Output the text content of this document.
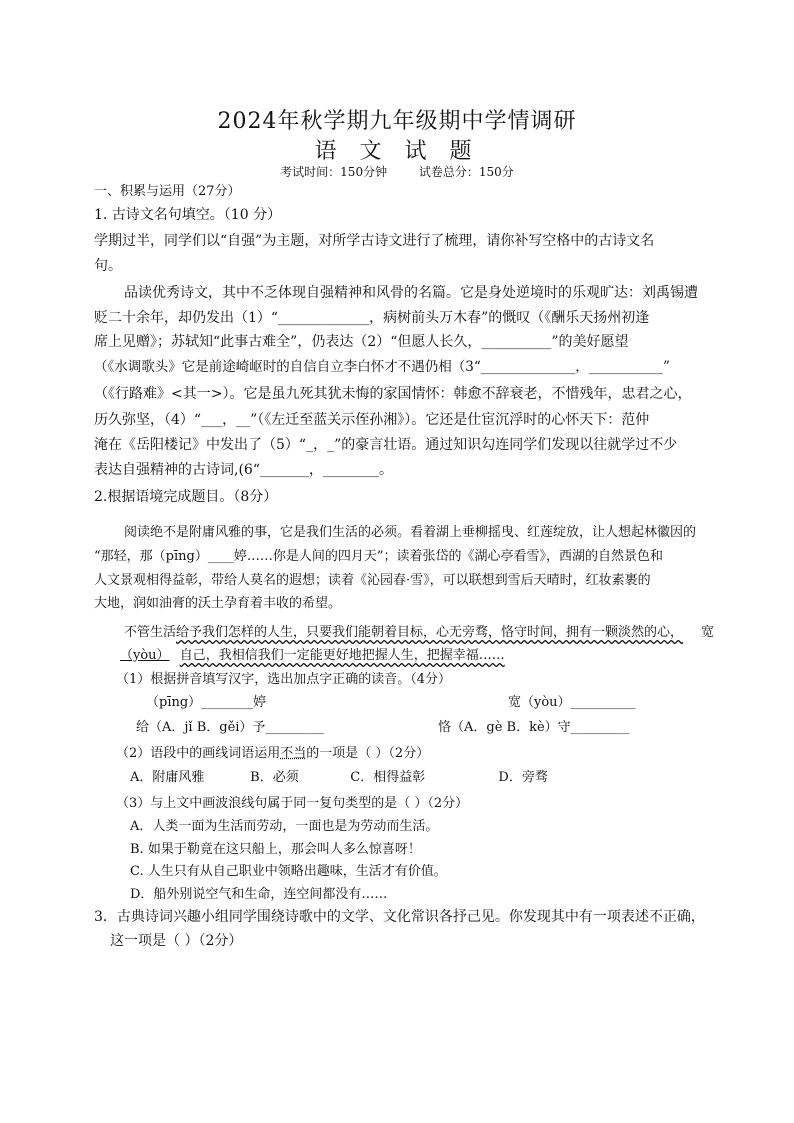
2024年秋学期九年级期中学情调研
语 文 试 题
考试时间：150分钟	试卷总分：150分
一、积累与运用（27分）
1. 古诗文名句填空。（10 分）
学期过半，同学们以“自强”为主题，对所学古诗文进行了梳理，请你补写空格中的古诗文名
句。
品读优秀诗文，其中不乏体现自强精神和风骨的名篇。它是身处逆境时的乐观旷达：刘禹锡遭
贬二十余年，却仍发出（1）“_____________，病树前头万木春”的慨叹（《酬乐天扬州初逢
席上见赠》；苏轼知“此事古难全”，仍表达（2）“但愿人长久，__________”的美好愿望
（《水调歌头》它是前途崎岖时的自信自立李白怀才不遇仍相（3“______________，___________”
（《行路难》<其一>）。它是虽九死其犹未悔的家国情怀：韩愈不辞衰老，不惜残年，忠君之心，
历久弥坚，（4）“___，__”（《左迁至蓝关示侄孙湘》）。它还是仕宦沉浮时的心怀天下：范仲
淹在《岳阳楼记》中发出了（5）“_，_”的豪言壮语。通过知识勾连同学们发现以往就学过不少
表达自强精神的古诗词,(6“_______，________。
2.根据语境完成题目。（8分）
阅读绝不是附庸风雅的事，它是我们生活的必须。看着湖上垂柳摇曳、红莲绽放，让人想起林徽因的
“那轻，那（pīng）____婷……你是人间的四月天”；读着张岱的《湖心亭看雪》，西湖的自然景色和
人文景观相得益彰，带给人莫名的遐想；读着《沁园春·雪》，可以联想到雪后天晴时，红妆素裹的
大地，润如油膏的沃土孕育着丰收的希望。
不管生活给予我们怎样的人生，只要我们能朝着目标，心无旁骛，恪守时间，拥有一颗淡然的心， 宽
（yòu） 自己，我相信我们一定能更好地把握人生，把握幸福……
（1）根据拼音填写汉字，选出加点字正确的读音。（4分）
（pīng）________婷	宽（yòu）__________
给（A．jǐ B．gěi）予_________	恪（A．gè B．kè）守_________
（2）语段中的画线词语运用不当的一项是（ ）（2分）
A．附庸风雅	B．必须	C．相得益彰	D．旁骛
（3）与上文中画波浪线句属于同一复句类型的是（ ）（2分）
A．人类一面为生活而劳动，一面也是为劳动而生活。
B. 如果于勒竟在这只船上，那会叫人多么惊喜呀！
C. 人生只有从自己职业中领略出趣味，生活才有价值。
D．船外别说空气和生命，连空间都没有……
3．古典诗词兴趣小组同学围绕诗歌中的文学、文化常识各抒己见。你发现其中有一项表述不正确，
这一项是（ ）（2分）
